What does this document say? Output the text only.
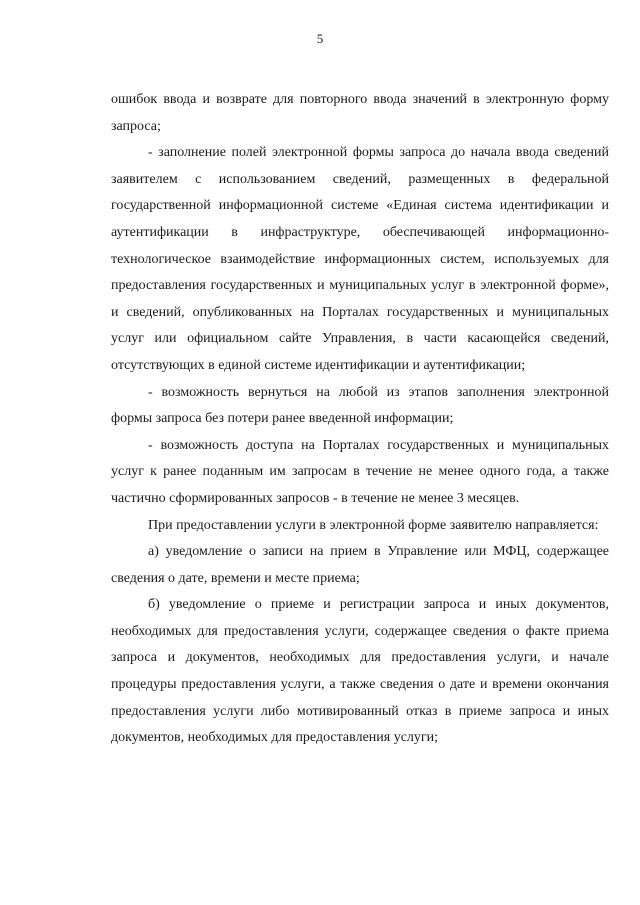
5

ошибок ввода и возврате для повторного ввода значений в электронную форму запроса;

- заполнение полей электронной формы запроса до начала ввода сведений заявителем с использованием сведений, размещенных в федеральной государственной информационной системе «Единая система идентификации и аутентификации в инфраструктуре, обеспечивающей информационно-технологическое взаимодействие информационных систем, используемых для предоставления государственных и муниципальных услуг в электронной форме», и сведений, опубликованных на Порталах государственных и муниципальных услуг или официальном сайте Управления, в части касающейся сведений, отсутствующих в единой системе идентификации и аутентификации;

- возможность вернуться на любой из этапов заполнения электронной формы запроса без потери ранее введенной информации;

- возможность доступа на Порталах государственных и муниципальных услуг к ранее поданным им запросам в течение не менее одного года, а также частично сформированных запросов - в течение не менее 3 месяцев.

При предоставлении услуги в электронной форме заявителю направляется:

а) уведомление о записи на прием в Управление или МФЦ, содержащее сведения о дате, времени и месте приема;

б) уведомление о приеме и регистрации запроса и иных документов, необходимых для предоставления услуги, содержащее сведения о факте приема запроса и документов, необходимых для предоставления услуги, и начале процедуры предоставления услуги, а также сведения о дате и времени окончания предоставления услуги либо мотивированный отказ в приеме запроса и иных документов, необходимых для предоставления услуги;
